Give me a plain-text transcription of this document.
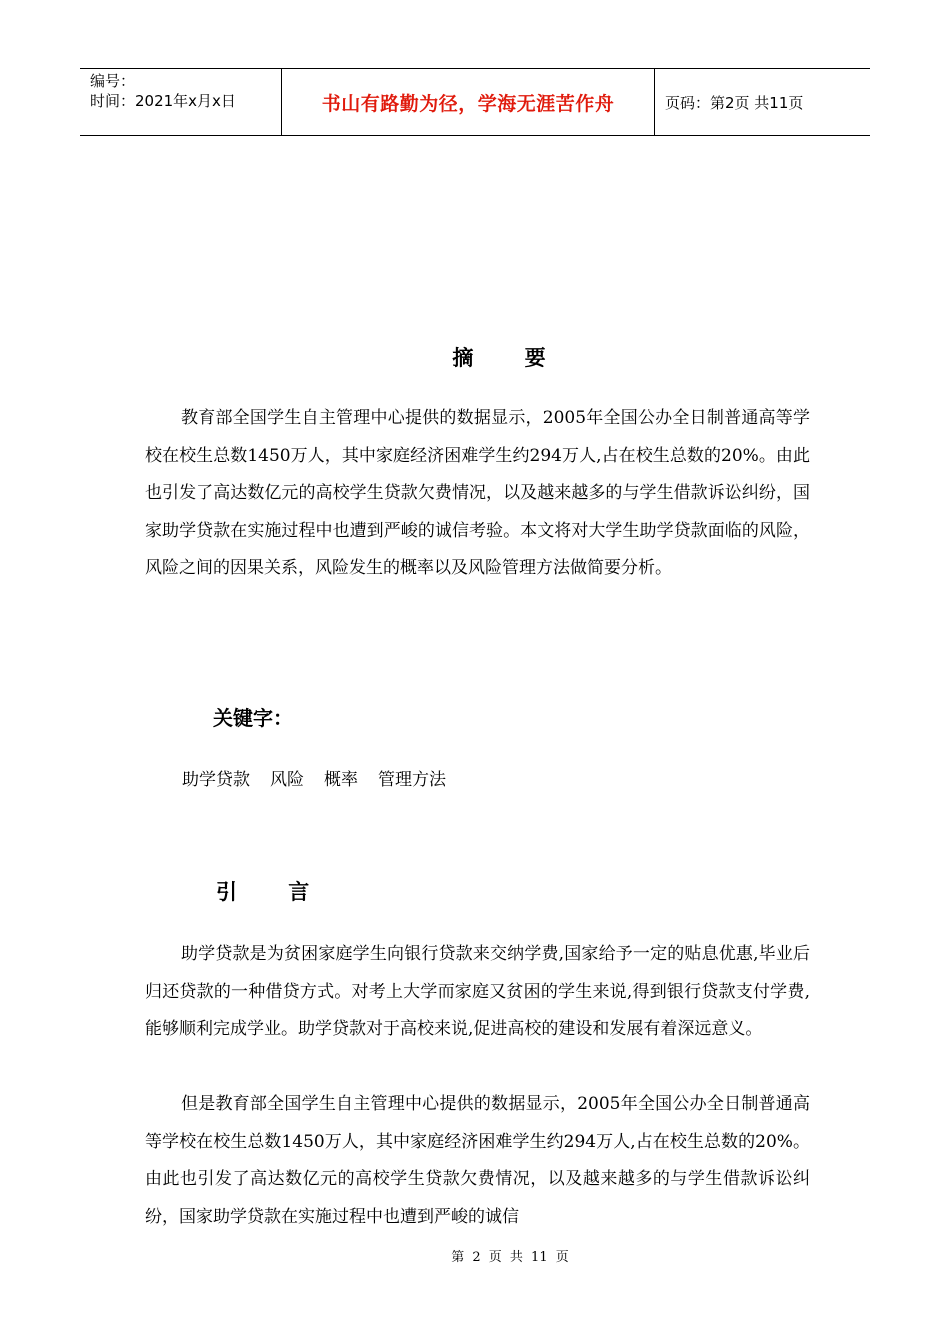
编号：
时间：2021年x月x日	书山有路勤为径，学海无涯苦作舟	页码：第2页 共11页
摘 要

教育部全国学生自主管理中心提供的数据显示，2005年全国公办全日制普通高等学校在校生总数1450万人，其中家庭经济困难学生约294万人,占在校生总数的20%。由此也引发了高达数亿元的高校学生贷款欠费情况，以及越来越多的与学生借款诉讼纠纷，国家助学贷款在实施过程中也遭到严峻的诚信考验。本文将对大学生助学贷款面临的风险，风险之间的因果关系，风险发生的概率以及风险管理方法做简要分析。

关键字：
助学贷款 风险 概率 管理方法
引 言

助学贷款是为贫困家庭学生向银行贷款来交纳学费,国家给予一定的贴息优惠,毕业后归还贷款的一种借贷方式。对考上大学而家庭又贫困的学生来说,得到银行贷款支付学费,能够顺利完成学业。助学贷款对于高校来说,促进高校的建设和发展有着深远意义。

但是教育部全国学生自主管理中心提供的数据显示，2005年全国公办全日制普通高等学校在校生总数1450万人，其中家庭经济困难学生约294万人,占在校生总数的20%。由此也引发了高达数亿元的高校学生贷款欠费情况，以及越来越多的与学生借款诉讼纠纷，国家助学贷款在实施过程中也遭到严峻的诚信

第 2 页 共 11 页
